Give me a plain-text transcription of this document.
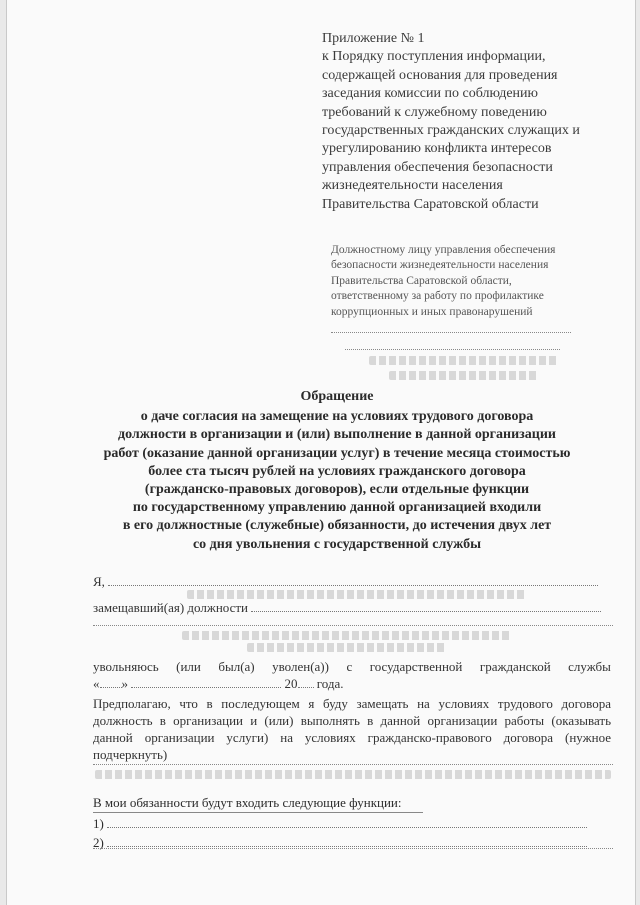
Приложение № 1
к Порядку поступления информации,
содержащей основания для проведения
заседания комиссии по соблюдению
требований к служебному поведению
государственных гражданских служащих и
урегулированию конфликта интересов
управления обеспечения безопасности
жизнедеятельности населения
Правительства Саратовской области
Должностному лицу управления обеспечения
безопасности жизнедеятельности населения
Правительства Саратовской области,
ответственному за работу по профилактике
коррупционных и иных правонарушений
Обращение
о даче согласия на замещение на условиях трудового договора
должности в организации и (или) выполнение в данной организации
работ (оказание данной организации услуг) в течение месяца стоимостью
более ста тысяч рублей на условиях гражданского договора
(гражданско-правовых договоров), если отдельные функции
по государственному управлению данной организацией входили
в его должностные (служебные) обязанности, до истечения двух лет
со дня увольнения с государственной службы
Я,
замещавший(ая) должности
увольняюсь (или был(а) уволен(а)) с государственной гражданской службы
« »	20 года.
Предполагаю, что в последующем я буду замещать на условиях трудового договора должность в организации и (или) выполнять в данной организации работы (оказывать данной организации услуги) на условиях гражданско-правового договора (нужное подчеркнуть)
В мои обязанности будут входить следующие функции:
1)
2)
